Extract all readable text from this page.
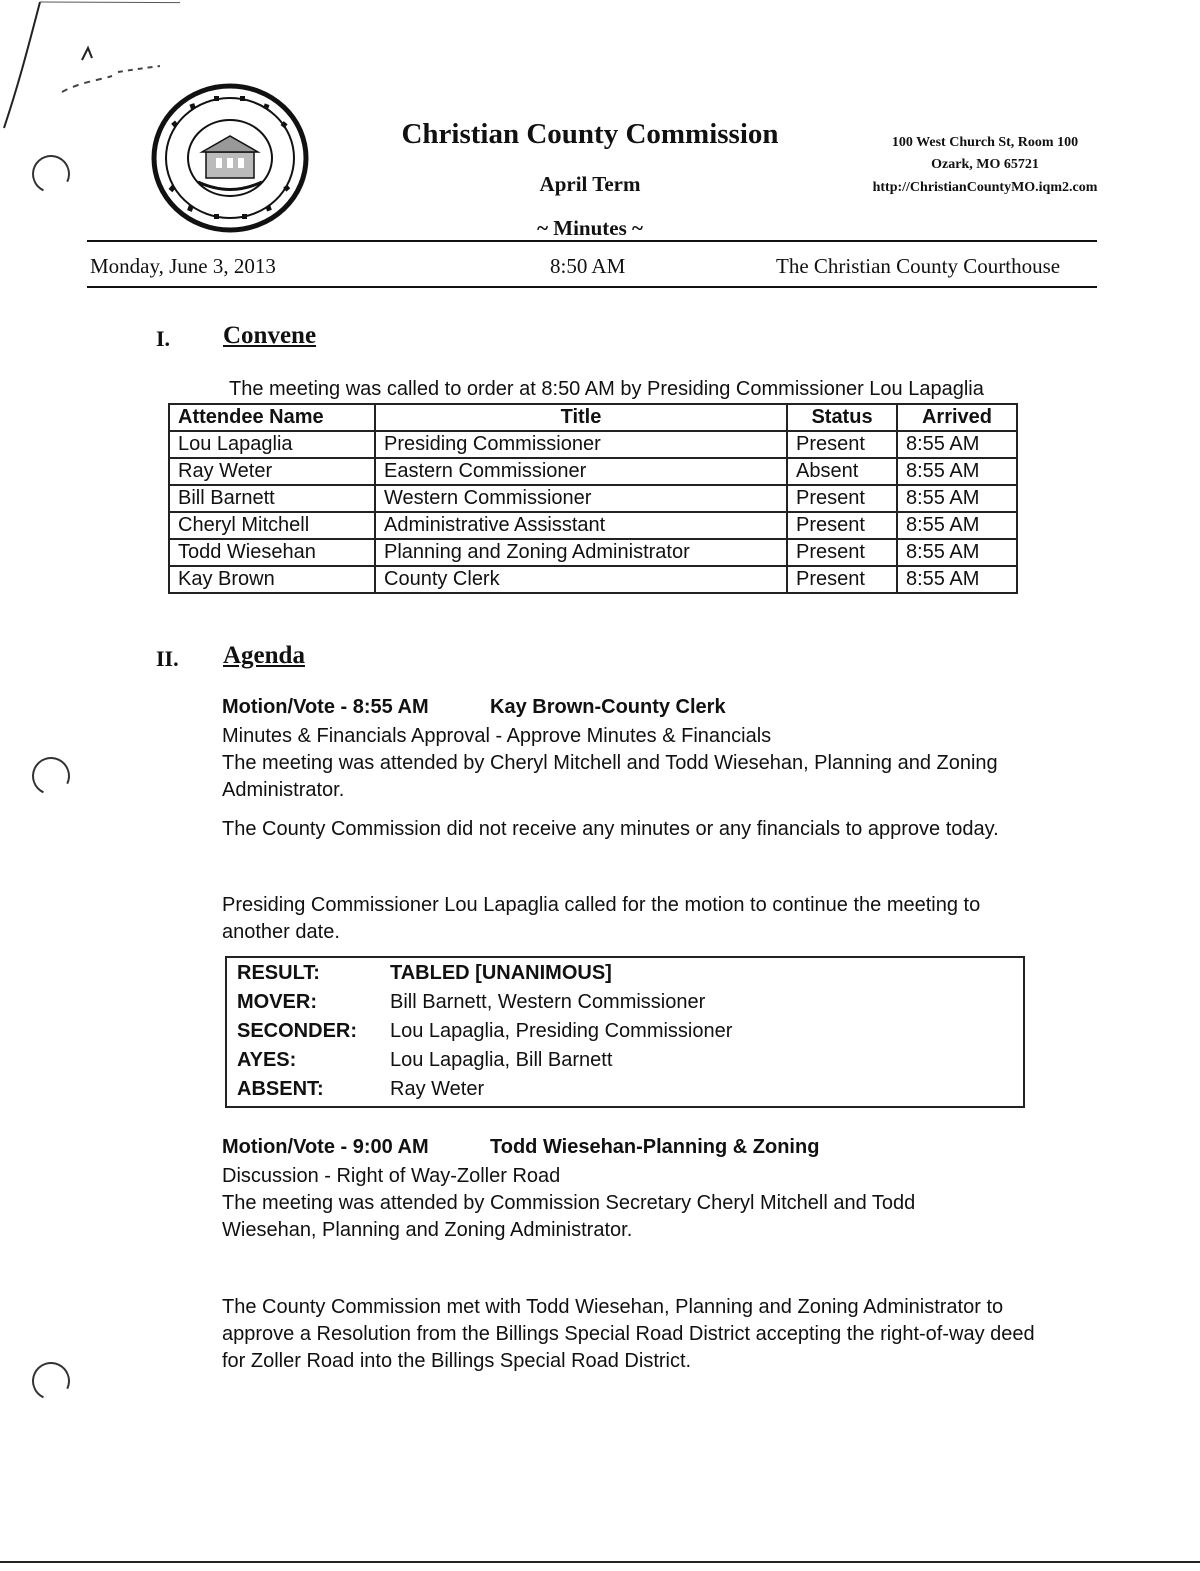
Christian County Commission
April Term
~ Minutes ~
100 West Church St, Room 100
Ozark, MO 65721
http://ChristianCountyMO.iqm2.com
Monday, June 3, 2013	8:50 AM	The Christian County Courthouse
I. Convene
The meeting was called to order at 8:50 AM by Presiding Commissioner Lou Lapaglia
Attendee Name	Title	Status	Arrived
Lou Lapaglia	Presiding Commissioner	Present	8:55 AM
Ray Weter	Eastern Commissioner	Absent	8:55 AM
Bill Barnett	Western Commissioner	Present	8:55 AM
Cheryl Mitchell	Administrative Assisstant	Present	8:55 AM
Todd Wiesehan	Planning and Zoning Administrator	Present	8:55 AM
Kay Brown	County Clerk	Present	8:55 AM
II. Agenda
Motion/Vote - 8:55 AM	Kay Brown-County Clerk
Minutes & Financials Approval - Approve Minutes & Financials
The meeting was attended by Cheryl Mitchell and Todd Wiesehan, Planning and Zoning Administrator.
The County Commission did not receive any minutes or any financials to approve today.
Presiding Commissioner Lou Lapaglia called for the motion to continue the meeting to another date.
RESULT:	TABLED [UNANIMOUS]
MOVER:	Bill Barnett, Western Commissioner
SECONDER:	Lou Lapaglia, Presiding Commissioner
AYES:	Lou Lapaglia, Bill Barnett
ABSENT:	Ray Weter
Motion/Vote - 9:00 AM	Todd Wiesehan-Planning & Zoning
Discussion - Right of Way-Zoller Road
The meeting was attended by Commission Secretary Cheryl Mitchell and Todd Wiesehan, Planning and Zoning Administrator.
The County Commission met with Todd Wiesehan, Planning and Zoning Administrator to approve a Resolution from the Billings Special Road District accepting the right-of-way deed for Zoller Road into the Billings Special Road District.
